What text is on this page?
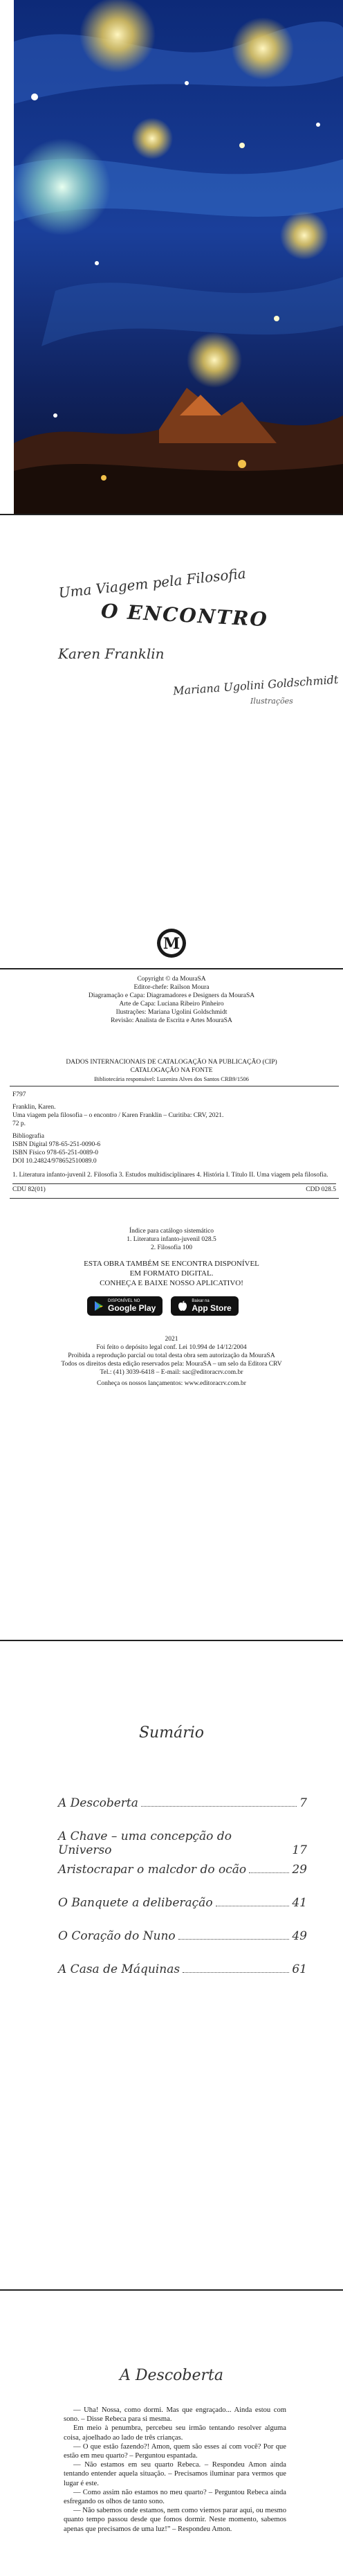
Uma Viagem pela Filosofia
O ENCONTRO
Karen Franklin
Mariana Ugolini Goldschmidt
Ilustrações
M

Copyright © da MouraSA

Editor-chefe: Railson Moura

Diagramação e Capa: Diagramadores e Designers da MouraSA

Arte de Capa: Luciana Ribeiro Pinheiro

Ilustrações: Mariana Ugolini Goldschmidt

Revisão: Analista de Escrita e Artes MouraSA

DADOS INTERNACIONAIS DE CATALOGAÇÃO NA PUBLICAÇÃO (CIP)

CATALOGAÇÃO NA FONTE

Bibliotecária responsável: Luzenira Alves dos Santos CRB9/1506

F797

Franklin, Karen.

Uma viagem pela filosofia – o encontro / Karen Franklin – Curitiba: CRV, 2021.

72 p.

Bibliografia

ISBN Digital 978-65-251-0090-6

ISBN Físico 978-65-251-0089-0

DOI 10.24824/978652510089.0

1. Literatura infanto-juvenil 2. Filosofia 3. Estudos multidisciplinares 4. História I. Título II. Uma viagem pela filosofia.

CDU 82(01)	CDD 028.5

Índice para catálogo sistemático

1. Literatura infanto-juvenil 028.5

2. Filosofia 100

ESTA OBRA TAMBÉM SE ENCONTRA DISPONÍVEL

EM FORMATO DIGITAL.

CONHEÇA E BAIXE NOSSO APLICATIVO!

DISPONÍVEL NO
Google Play
Baixar na
App Store

2021

Foi feito o depósito legal conf. Lei 10.994 de 14/12/2004

Proibida a reprodução parcial ou total desta obra sem autorização da MouraSA

Todos os direitos desta edição reservados pela: MouraSA – um selo da Editora CRV

Tel.: (41) 3039-6418 – E-mail: sac@editoracrv.com.br

Conheça os nossos lançamentos: www.editoracrv.com.br

Sumário
A Descoberta	7
A Chave – uma concepção do Universo	17
Aristocrapar o malcdor do ocão	29
O Banquete a deliberação	41
O Coração do Nuno	49
A Casa de Máquinas	61
A Descoberta

— Uha! Nossa, como dormi. Mas que engraçado... Ainda estou com sono. – Disse Rebeca para si mesma.

Em meio à penumbra, percebeu seu irmão tentando resolver alguma coisa, ajoelhado ao lado de três crianças.

— O que estão fazendo?! Amon, quem são esses aí com você? Por que estão em meu quarto? – Perguntou espantada.

— Não estamos em seu quarto Rebeca. – Respondeu Amon ainda tentando entender aquela situação. – Precisamos iluminar para vermos que lugar é este.

— Como assim não estamos no meu quarto? – Perguntou Rebeca ainda esfregando os olhos de tanto sono.

— Não sabemos onde estamos, nem como viemos parar aqui, ou mesmo quanto tempo passou desde que fomos dormir. Neste momento, sabemos apenas que precisamos de uma luz!” – Respondeu Amon.
